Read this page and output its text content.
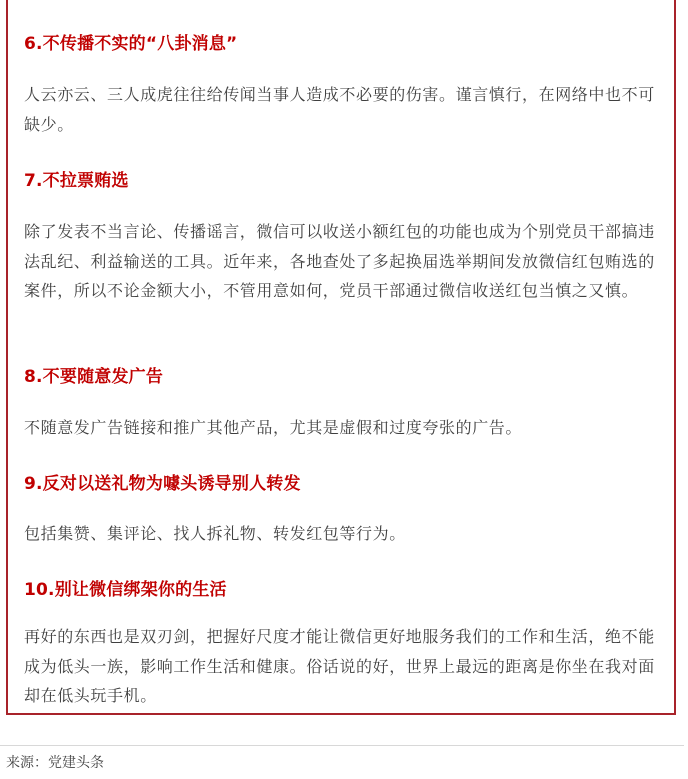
6.不传播不实的“八卦消息”

人云亦云、三人成虎往往给传闻当事人造成不必要的伤害。谨言慎行，在网络中也不可缺少。

7.不拉票贿选

除了发表不当言论、传播谣言，微信可以收送小额红包的功能也成为个别党员干部搞违法乱纪、利益输送的工具。近年来，各地查处了多起换届选举期间发放微信红包贿选的案件，所以不论金额大小，不管用意如何，党员干部通过微信收送红包当慎之又慎。

8.不要随意发广告

不随意发广告链接和推广其他产品，尤其是虚假和过度夸张的广告。

9.反对以送礼物为噱头诱导别人转发

包括集赞、集评论、找人拆礼物、转发红包等行为。

10.别让微信绑架你的生活

再好的东西也是双刃剑，把握好尺度才能让微信更好地服务我们的工作和生活，绝不能成为低头一族，影响工作生活和健康。俗话说的好，世界上最远的距离是你坐在我对面却在低头玩手机。

来源：党建头条
